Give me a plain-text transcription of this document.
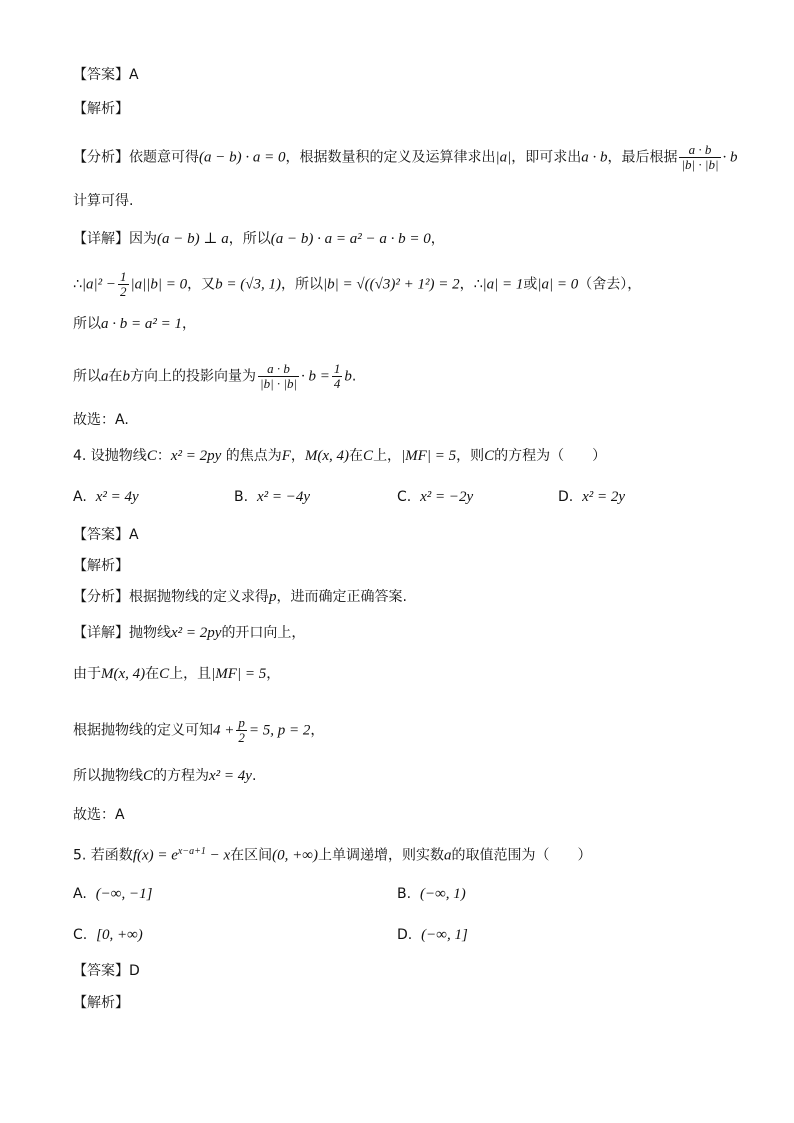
【答案】A
【解析】
【分析】依题意可得(a − b) · a = 0，根据数量积的定义及运算律求出|a|，即可求出a · b，最后根据 $\frac{a \cdot b}{|b| \cdot |b|} \cdot b$
计算可得.
【详解】因为(a − b) ⊥ a，所以(a − b) · a = a² − a · b = 0，
∴|a|² − $\frac{1}{2} |a||b| = 0$，又b = (√3, 1)，所以|b| = √((√3)² + 1²) = 2，∴|a| = 1或|a| = 0（舍去），
所以a · b = a² = 1，
所以a在b方向上的投影向量为 $\frac{a \cdot b}{|b| \cdot |b|} \cdot b = \frac{1}{4} b$.
故选：A.
4. 设抛物线C：x² = 2py 的焦点为F，M(x, 4)在C上，|MF| = 5，则C的方程为（　　）
A. x² = 4y	B. x² = −4y	C. x² = −2y	D. x² = 2y
【答案】A
【解析】
【分析】根据抛物线的定义求得p，进而确定正确答案.
【详解】抛物线x² = 2py的开口向上，
由于M(x, 4)在C上，且|MF| = 5，
根据抛物线的定义可知$4 + \frac{p}{2} = 5$, p = 2，
所以抛物线C的方程为x² = 4y.
故选：A
5. 若函数$f(x) = e^{x-a+1} - x$在区间(0, +∞)上单调递增，则实数a的取值范围为（　　）
A. (−∞, −1]	B. (−∞, 1)
C. [0, +∞)	D. (−∞, 1]
【答案】D
【解析】
